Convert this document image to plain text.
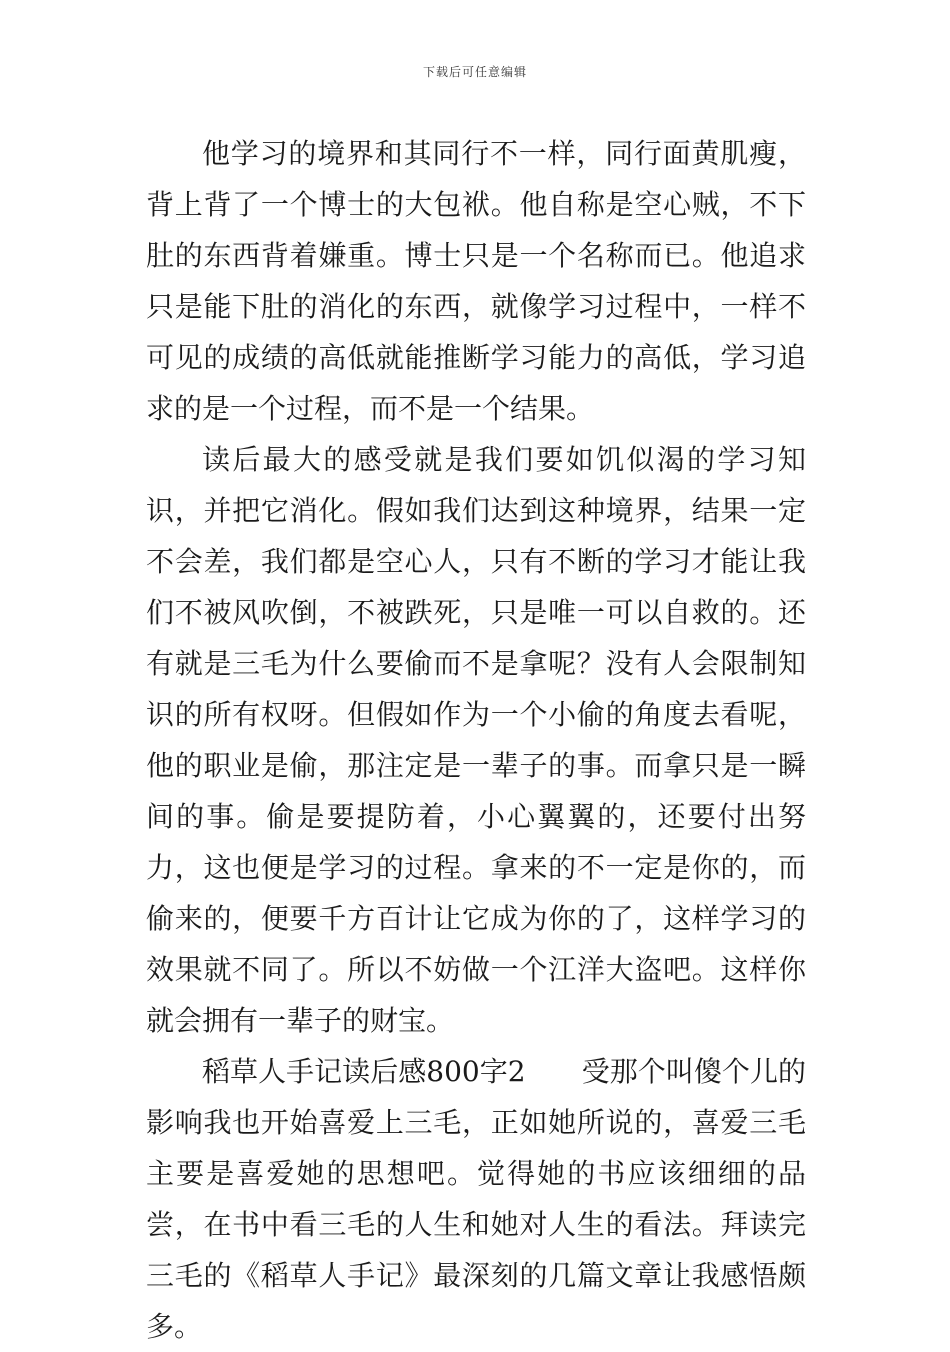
下载后可任意编辑

他学习的境界和其同行不一样，同行面黄肌瘦，背上背了一个博士的大包袱。他自称是空心贼，不下肚的东西背着嫌重。博士只是一个名称而已。他追求只是能下肚的消化的东西，就像学习过程中，一样不可见的成绩的高低就能推断学习能力的高低，学习追求的是一个过程，而不是一个结果。

读后最大的感受就是我们要如饥似渴的学习知识，并把它消化。假如我们达到这种境界，结果一定不会差，我们都是空心人，只有不断的学习才能让我们不被风吹倒，不被跌死，只是唯一可以自救的。还有就是三毛为什么要偷而不是拿呢？没有人会限制知识的所有权呀。但假如作为一个小偷的角度去看呢，他的职业是偷，那注定是一辈子的事。而拿只是一瞬间的事。偷是要提防着，小心翼翼的，还要付出努力，这也便是学习的过程。拿来的不一定是你的，而偷来的，便要千方百计让它成为你的了，这样学习的效果就不同了。所以不妨做一个江洋大盗吧。这样你就会拥有一辈子的财宝。

稻草人手记读后感800字2　　受那个叫傻个儿的影响我也开始喜爱上三毛，正如她所说的，喜爱三毛主要是喜爱她的思想吧。觉得她的书应该细细的品尝，在书中看三毛的人生和她对人生的看法。拜读完三毛的《稻草人手记》最深刻的几篇文章让我感悟颇多。
